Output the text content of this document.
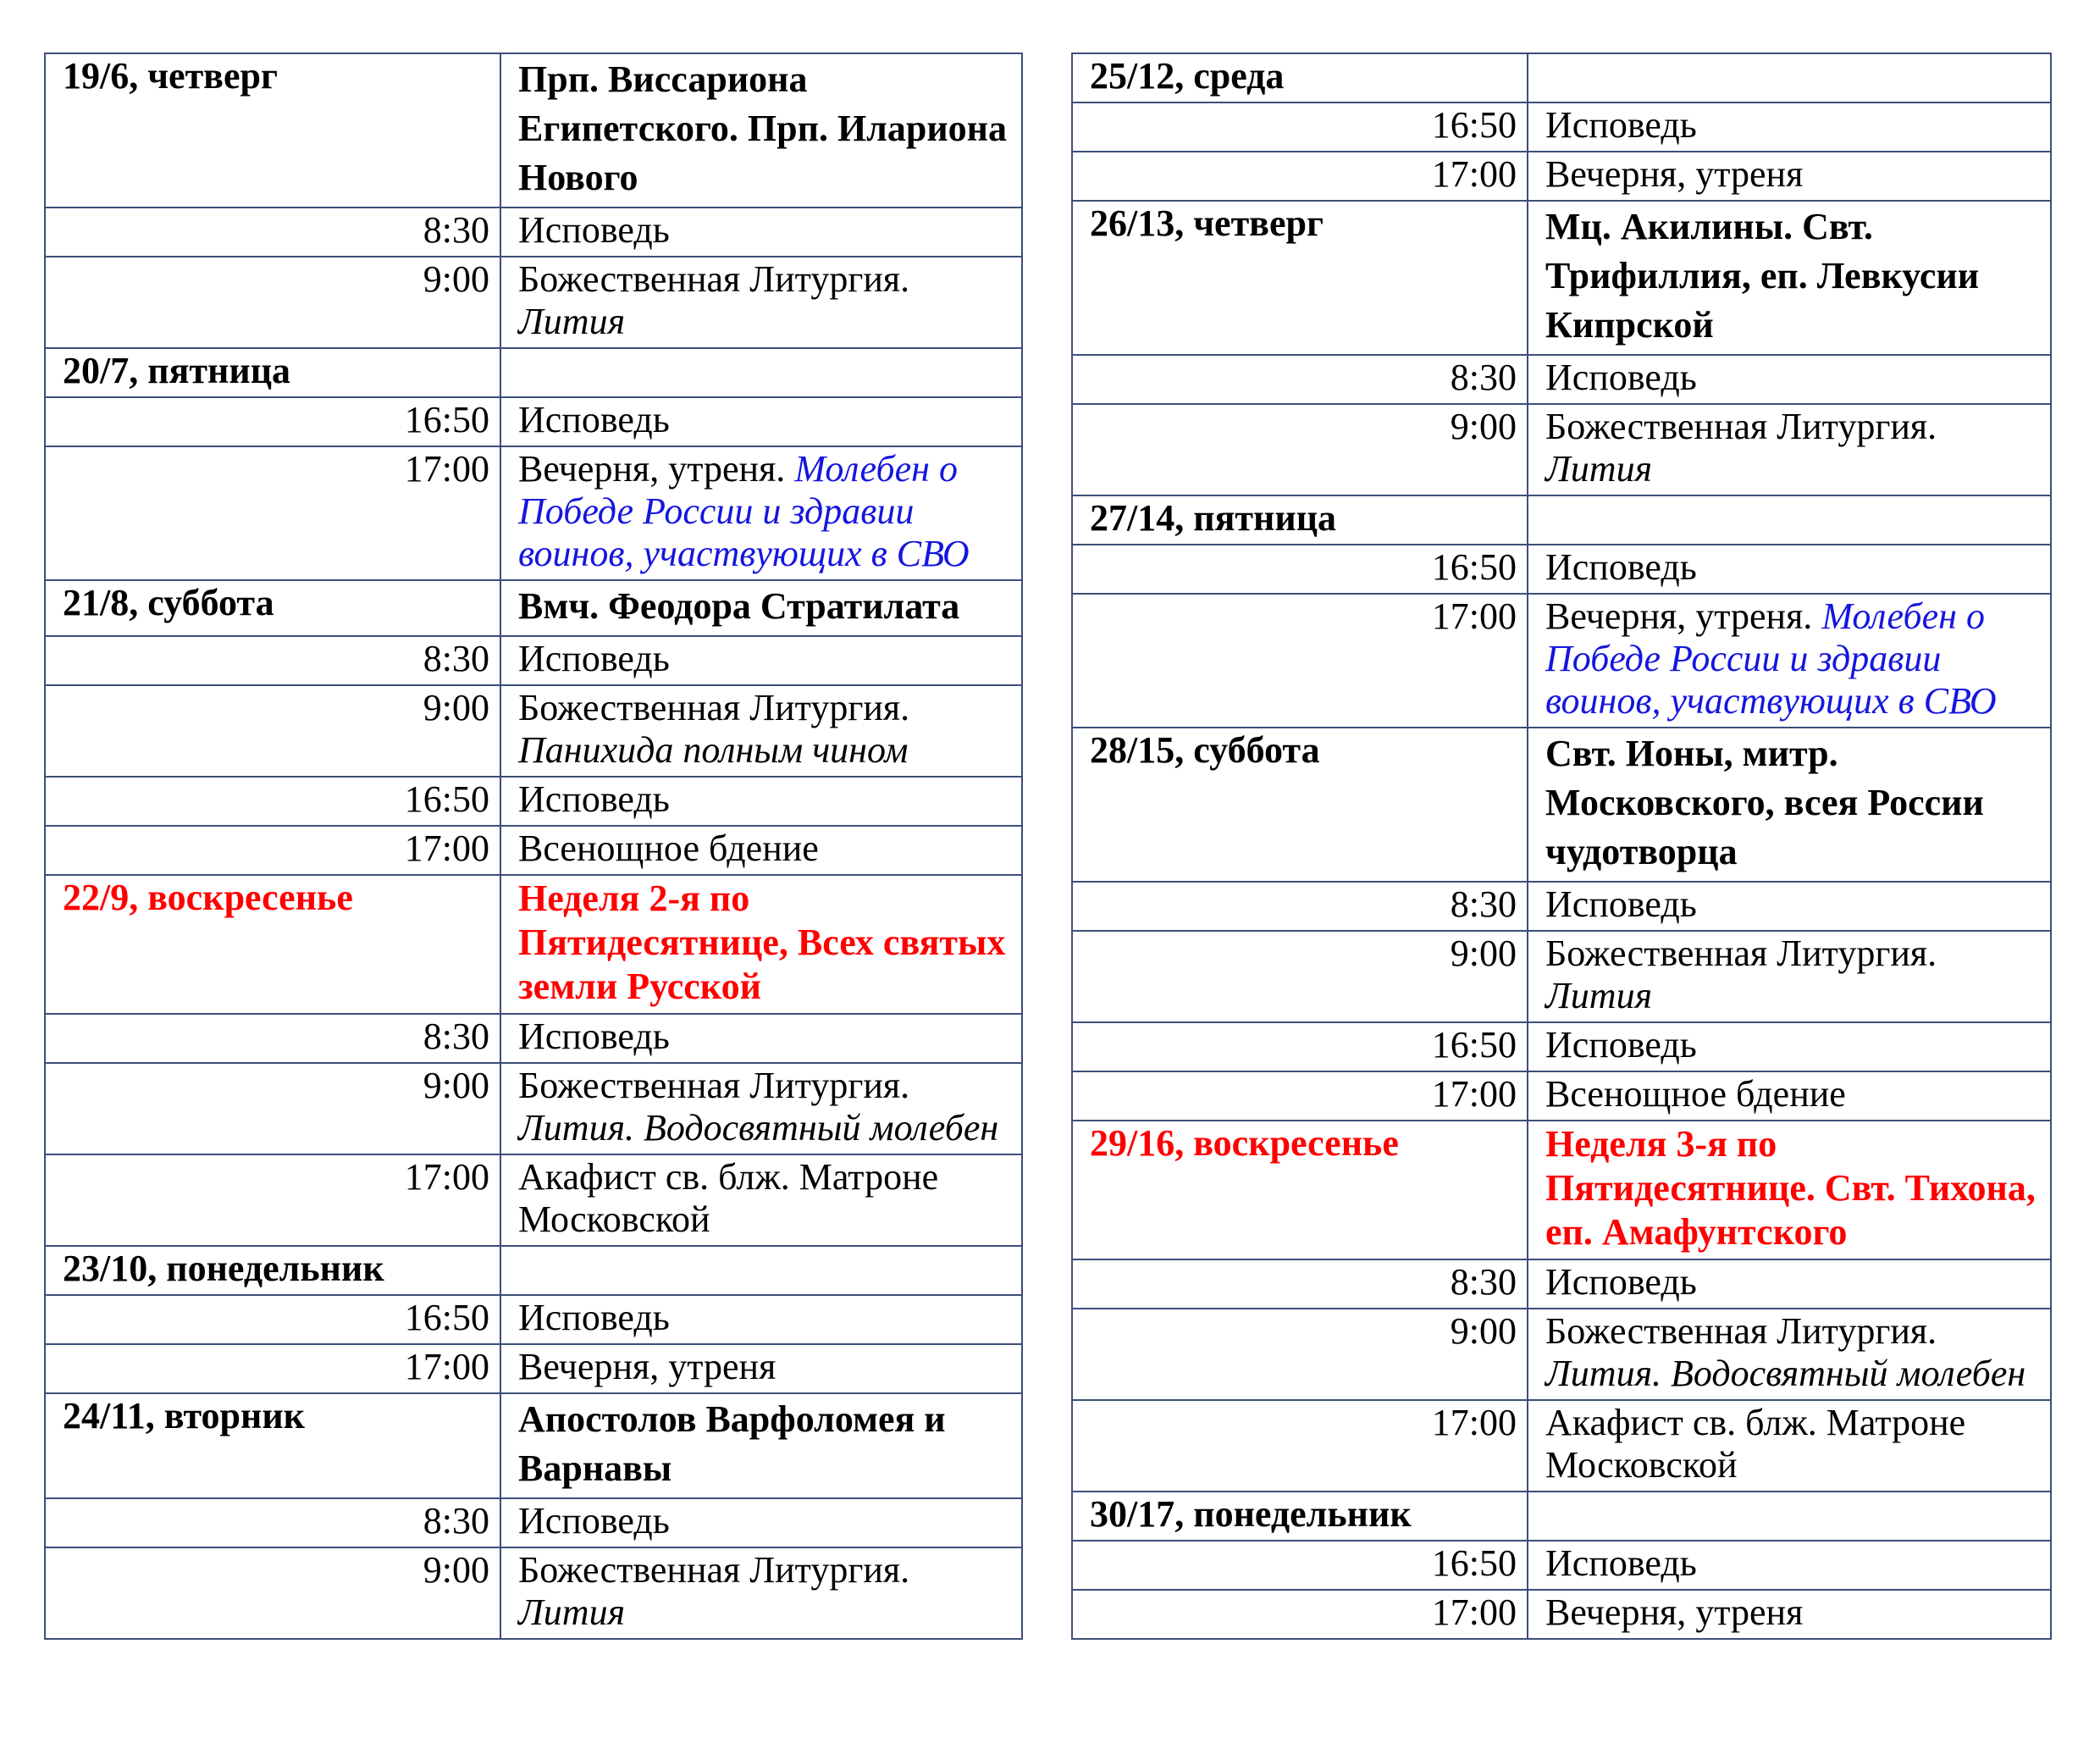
19/6, четверг	Прп. Виссариона Египетского. Прп. Илариона Нового
8:30	Исповедь
9:00	Божественная Литургия.
Лития
20/7, пятница	
16:50	Исповедь
17:00	Вечерня, утреня. Молебен о Победе России и здравии воинов, участвующих в СВО
21/8, суббота	Вмч. Феодора Стратилата
8:30	Исповедь
9:00	Божественная Литургия.
Панихида полным чином
16:50	Исповедь
17:00	Всенощное бдение
22/9, воскресенье	Неделя 2-я по Пятидесятнице, Всех святых земли Русской
8:30	Исповедь
9:00	Божественная Литургия.
Лития. Водосвятный молебен
17:00	Акафист св. блж. Матроне Московской
23/10, понедельник	
16:50	Исповедь
17:00	Вечерня, утреня
24/11, вторник	Апостолов Варфоломея и Варнавы
8:30	Исповедь
9:00	Божественная Литургия.
Лития
25/12, среда	
16:50	Исповедь
17:00	Вечерня, утреня
26/13, четверг	Мц. Акилины. Свт. Трифиллия, еп. Левкусии Кипрской
8:30	Исповедь
9:00	Божественная Литургия.
Лития
27/14, пятница	
16:50	Исповедь
17:00	Вечерня, утреня. Молебен о Победе России и здравии воинов, участвующих в СВО
28/15, суббота	Свт. Ионы, митр. Московского, всея России чудотворца
8:30	Исповедь
9:00	Божественная Литургия.
Лития
16:50	Исповедь
17:00	Всенощное бдение
29/16, воскресенье	Неделя 3-я по Пятидесятнице. Свт. Тихона, еп. Амафунтского
8:30	Исповедь
9:00	Божественная Литургия.
Лития. Водосвятный молебен
17:00	Акафист св. блж. Матроне Московской
30/17, понедельник	
16:50	Исповедь
17:00	Вечерня, утреня
